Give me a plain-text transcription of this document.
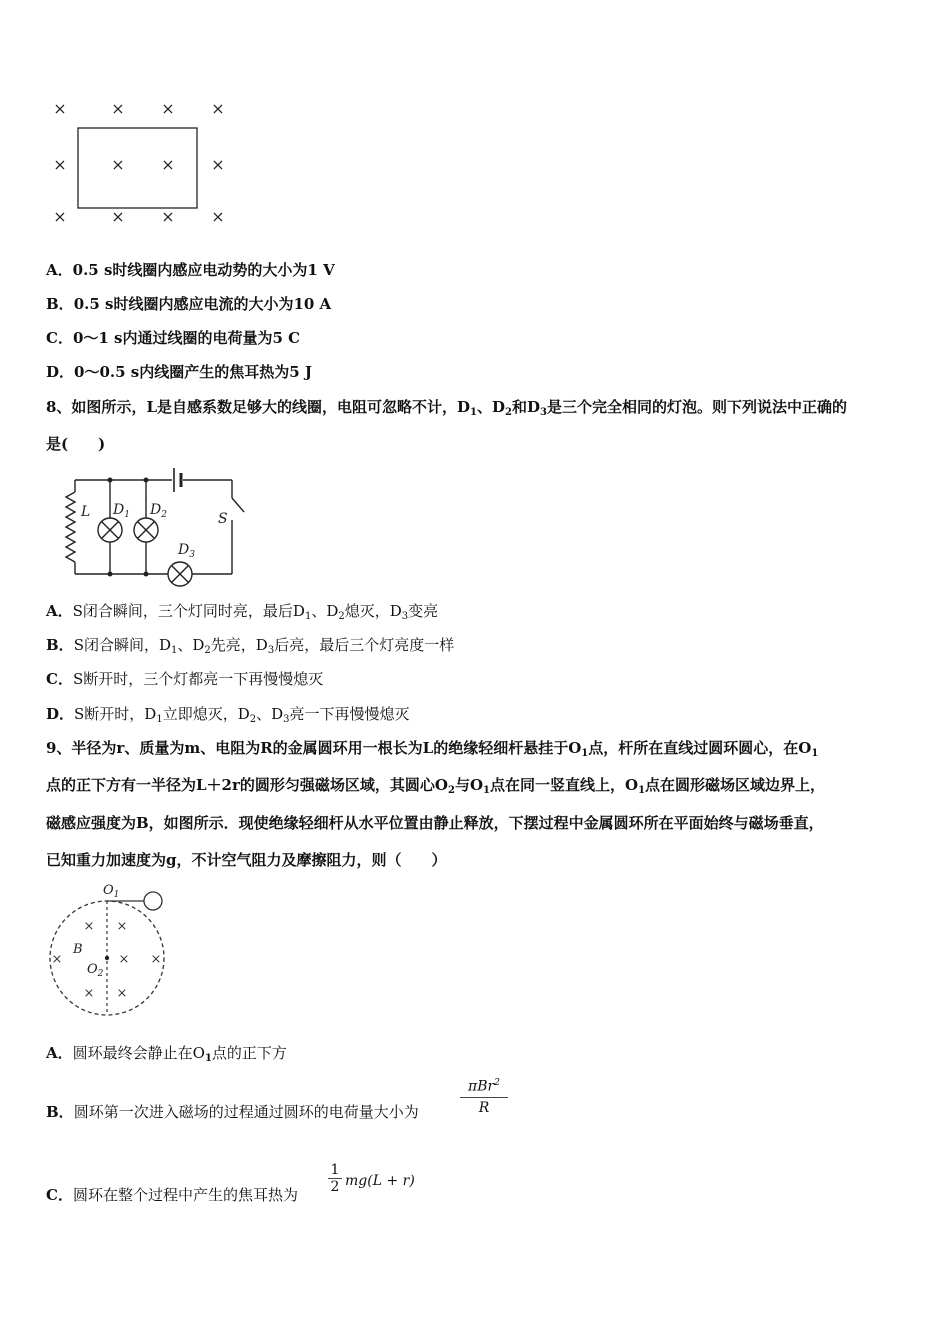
×	× × ×
×	× × ×
×	× × ×
A．0.5 s时线圈内感应电动势的大小为1 V
B．0.5 s时线圈内感应电流的大小为10 A
C．0～1 s内通过线圈的电荷量为5 C
D．0～0.5 s内线圈产生的焦耳热为5 J
8、如图所示，L是自感系数足够大的线圈，电阻可忽略不计，$D_1$、$D_2$和$D_3$是三个完全相同的灯泡。则下列说法中正确的
是(　　)
L $D_1$ $D_2$
$D_3$
S
A．S闭合瞬间，三个灯同时亮，最后$D_1$、$D_2$熄灭，$D_3$变亮
B．S闭合瞬间，$D_1$、$D_2$先亮，$D_3$后亮，最后三个灯亮度一样
C．S断开时，三个灯都亮一下再慢慢熄灭
D．S断开时，$D_1$立即熄灭，$D_2$、$D_3$亮一下再慢慢熄灭
9、半径为r、质量为m、电阻为R的金属圆环用一根长为L的绝缘轻细杆悬挂于$O_1$点，杆所在直线过圆环圆心，在$O_1$
点的正下方有一半径为L＋2r的圆形匀强磁场区域，其圆心$O_2$与$O_1$点在同一竖直线上，$O_1$点在圆形磁场区域边界上，
磁感应强度为B，如图所示．现使绝缘轻细杆从水平位置由静止释放，下摆过程中金属圆环所在平面始终与磁场垂直，
已知重力加速度为g，不计空气阻力及摩擦阻力，则（　　）
× ×
×	× ×
× ×
$O_1$
B
$O_2$
A．圆环最终会静止在$O_1$点的正下方
B．圆环第一次进入磁场的过程通过圆环的电荷量大小为
πBr$^2$
R
C．圆环在整个过程中产生的焦耳热为 $\frac{1}{2} mg(L + r)$
